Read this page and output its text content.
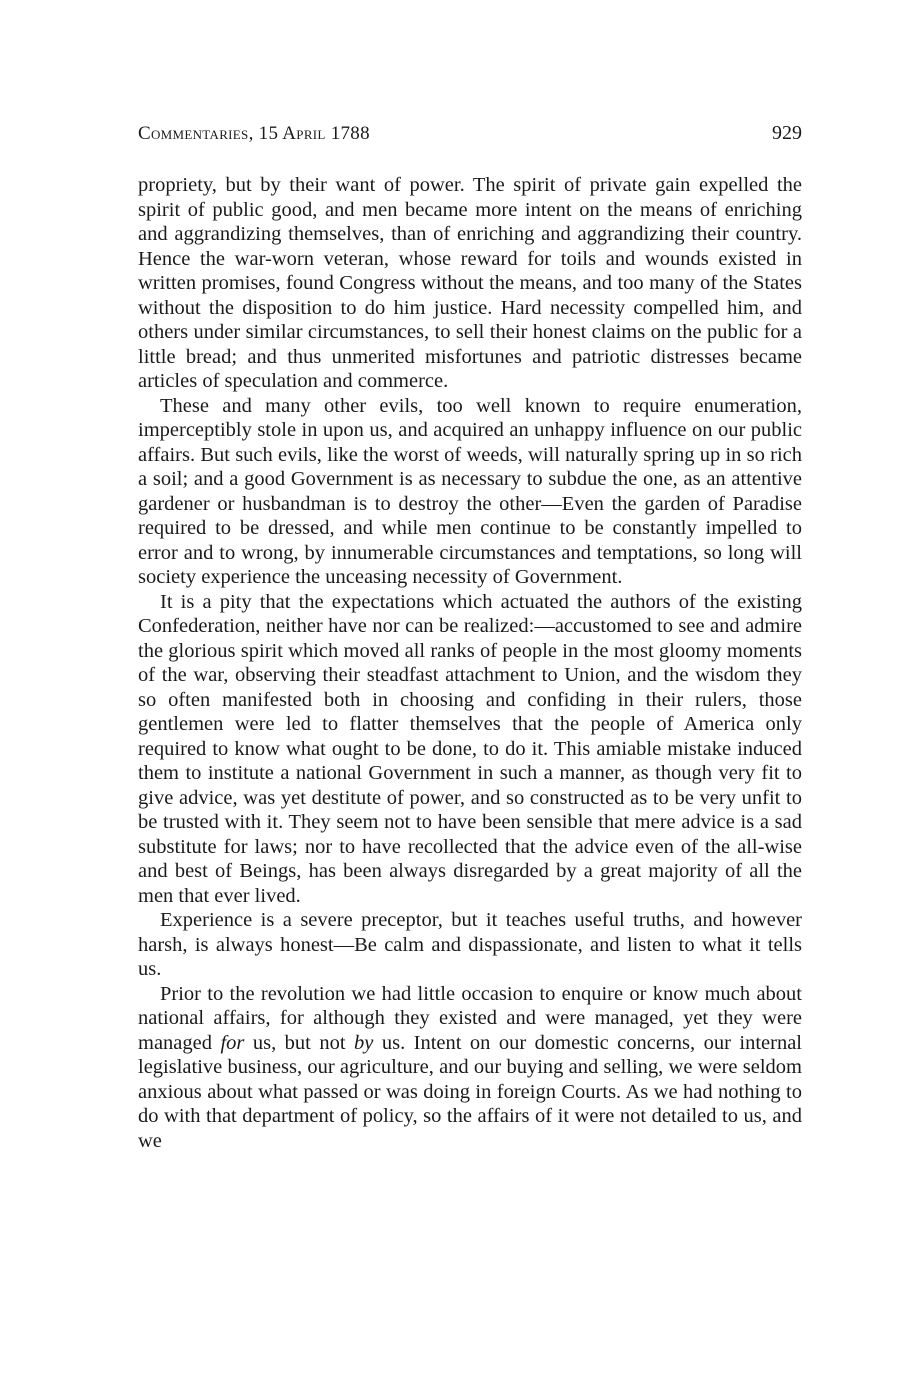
Commentaries, 15 April 1788	929

propriety, but by their want of power. The spirit of private gain expelled the spirit of public good, and men became more intent on the means of enriching and aggrandizing themselves, than of enriching and aggrandizing their country. Hence the war-worn veteran, whose reward for toils and wounds existed in written promises, found Congress without the means, and too many of the States without the disposition to do him justice. Hard necessity compelled him, and others under similar circumstances, to sell their honest claims on the public for a little bread; and thus unmerited misfortunes and patriotic distresses became articles of speculation and commerce.

These and many other evils, too well known to require enumeration, imperceptibly stole in upon us, and acquired an unhappy influence on our public affairs. But such evils, like the worst of weeds, will naturally spring up in so rich a soil; and a good Government is as necessary to subdue the one, as an attentive gardener or husbandman is to destroy the other—Even the garden of Paradise required to be dressed, and while men continue to be constantly impelled to error and to wrong, by innumerable circumstances and temptations, so long will society experience the unceasing necessity of Government.

It is a pity that the expectations which actuated the authors of the existing Confederation, neither have nor can be realized:—accustomed to see and admire the glorious spirit which moved all ranks of people in the most gloomy moments of the war, observing their steadfast attachment to Union, and the wisdom they so often manifested both in choosing and confiding in their rulers, those gentlemen were led to flatter themselves that the people of America only required to know what ought to be done, to do it. This amiable mistake induced them to institute a national Government in such a manner, as though very fit to give advice, was yet destitute of power, and so constructed as to be very unfit to be trusted with it. They seem not to have been sensible that mere advice is a sad substitute for laws; nor to have recollected that the advice even of the all-wise and best of Beings, has been always disregarded by a great majority of all the men that ever lived.

Experience is a severe preceptor, but it teaches useful truths, and however harsh, is always honest—Be calm and dispassionate, and listen to what it tells us.

Prior to the revolution we had little occasion to enquire or know much about national affairs, for although they existed and were managed, yet they were managed for us, but not by us. Intent on our domestic concerns, our internal legislative business, our agriculture, and our buying and selling, we were seldom anxious about what passed or was doing in foreign Courts. As we had nothing to do with that department of policy, so the affairs of it were not detailed to us, and we
